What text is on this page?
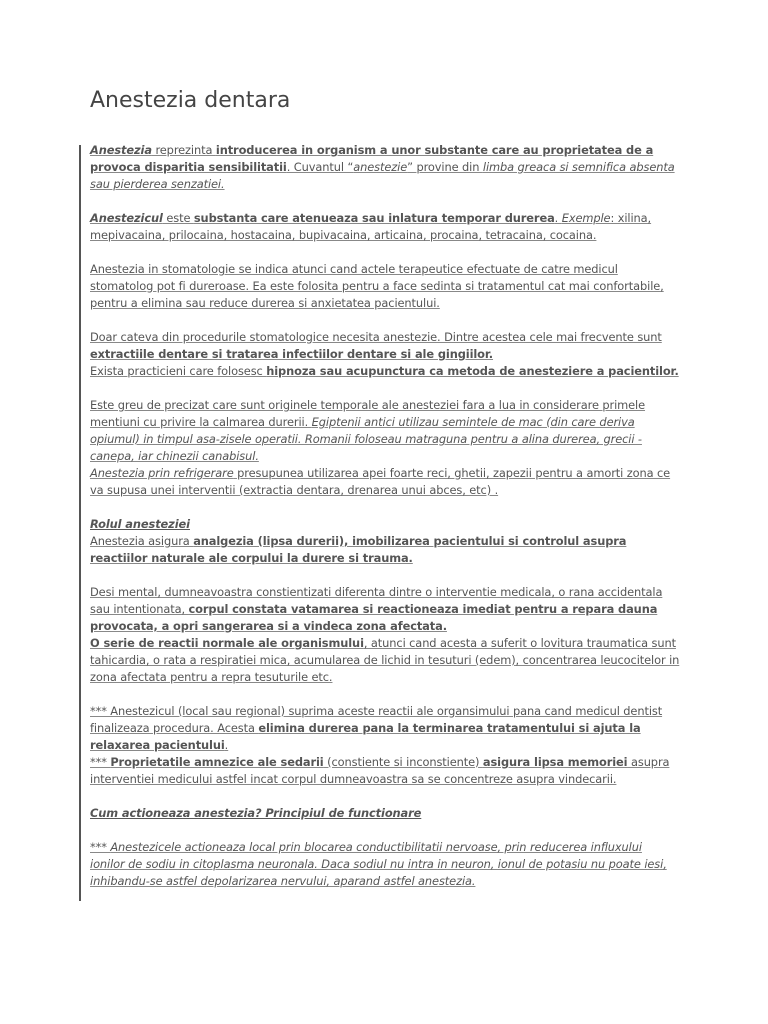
Anestezia dentara

Anestezia reprezinta introducerea in organism a unor substante care au proprietatea de a provoca disparitia sensibilitatii. Cuvantul “anestezie” provine din limba greaca si semnifica absenta sau pierderea senzatiei.

Anestezicul este substanta care atenueaza sau inlatura temporar durerea. Exemple: xilina, mepivacaina, prilocaina, hostacaina, bupivacaina, articaina, procaina, tetracaina, cocaina.

Anestezia in stomatologie se indica atunci cand actele terapeutice efectuate de catre medicul stomatolog pot fi dureroase. Ea este folosita pentru a face sedinta si tratamentul cat mai confortabile, pentru a elimina sau reduce durerea si anxietatea pacientului.

Doar cateva din procedurile stomatologice necesita anestezie. Dintre acestea cele mai frecvente sunt extractiile dentare si tratarea infectiilor dentare si ale gingiilor.
Exista practicieni care folosesc hipnoza sau acupunctura ca metoda de anesteziere a pacientilor.

Este greu de precizat care sunt originele temporale ale anesteziei fara a lua in considerare primele mentiuni cu privire la calmarea durerii. Egiptenii antici utilizau semintele de mac (din care deriva opiumul) in timpul asa-zisele operatii. Romanii foloseau matraguna pentru a alina durerea, grecii - canepa, iar chinezii canabisul.
Anestezia prin refrigerare presupunea utilizarea apei foarte reci, ghetii, zapezii pentru a amorti zona ce va supusa unei interventii (extractia dentara, drenarea unui abces, etc) .

Rolul anesteziei
Anestezia asigura analgezia (lipsa durerii), imobilizarea pacientului si controlul asupra reactiilor naturale ale corpului la durere si trauma.

Desi mental, dumneavoastra constientizati diferenta dintre o interventie medicala, o rana accidentala sau intentionata, corpul constata vatamarea si reactioneaza imediat pentru a repara dauna provocata, a opri sangerarea si a vindeca zona afectata.
O serie de reactii normale ale organismului, atunci cand acesta a suferit o lovitura traumatica sunt tahicardia, o rata a respiratiei mica, acumularea de lichid in tesuturi (edem), concentrarea leucocitelor in zona afectata pentru a repra tesuturile etc.

*** Anestezicul (local sau regional) suprima aceste reactii ale organsimului pana cand medicul dentist finalizeaza procedura. Acesta elimina durerea pana la terminarea tratamentului si ajuta la relaxarea pacientului.
*** Proprietatile amnezice ale sedarii (constiente si inconstiente) asigura lipsa memoriei asupra interventiei medicului astfel incat corpul dumneavoastra sa se concentreze asupra vindecarii.

Cum actioneaza anestezia? Principiul de functionare

*** Anestezicele actioneaza local prin blocarea conductibilitatii nervoase, prin reducerea influxului ionilor de sodiu in citoplasma neuronala. Daca sodiul nu intra in neuron, ionul de potasiu nu poate iesi, inhibandu-se astfel depolarizarea nervului, aparand astfel anestezia.
